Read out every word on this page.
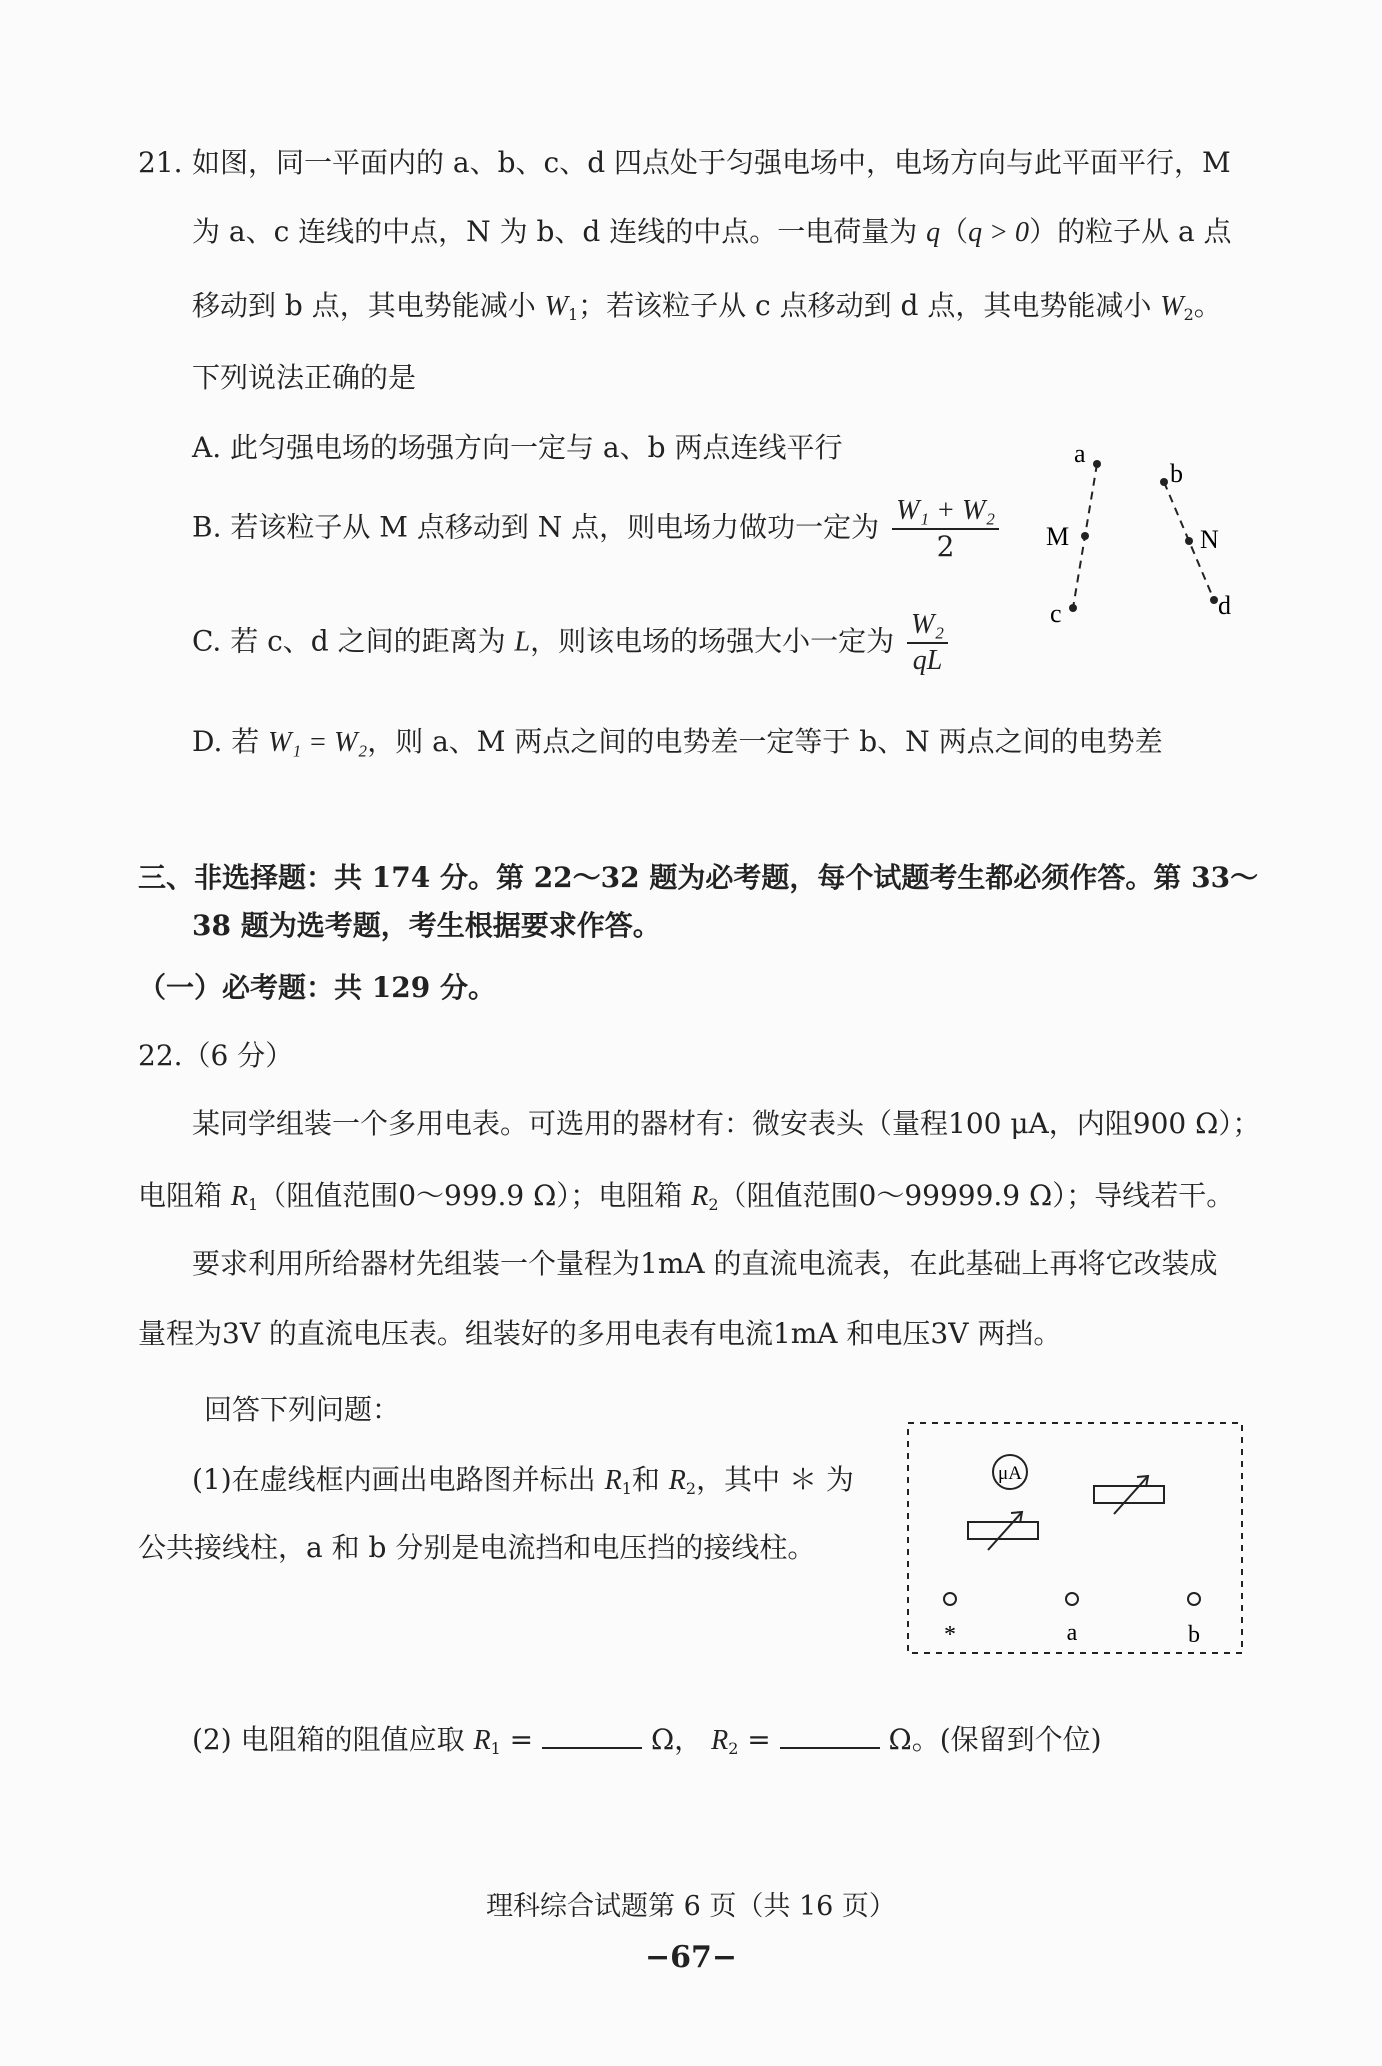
21. 如图，同一平面内的 a、b、c、d 四点处于匀强电场中，电场方向与此平面平行，M
为 a、c 连线的中点，N 为 b、d 连线的中点。一电荷量为 q（q > 0）的粒子从 a 点
移动到 b 点，其电势能减小 $W_1$；若该粒子从 c 点移动到 d 点，其电势能减小 $W_2$。
下列说法正确的是
A. 此匀强电场的场强方向一定与 a、b 两点连线平行
B. 若该粒子从 M 点移动到 N 点，则电场力做功一定为 $\frac{\text{W₁ + W₂}}{2}$
C. 若 c、d 之间的距离为 L，则该电场的场强大小一定为 $\frac{\text{W₂}}{qL}$
D. 若 W₁ = W₂，则 a、M 两点之间的电势差一定等于 b、N 两点之间的电势差
a
b
M	N
c	d
三、非选择题：共 174 分。第 22～32 题为必考题，每个试题考生都必须作答。第 33～
38 题为选考题，考生根据要求作答。
（一）必考题：共 129 分。
22.（6 分）
某同学组装一个多用电表。可选用的器材有：微安表头（量程100 μA，内阻900 Ω）；
电阻箱 $R_1$（阻值范围0～999.9 Ω）；电阻箱 $R_2$（阻值范围0～99999.9 Ω）；导线若干。
要求利用所给器材先组装一个量程为1mA 的直流电流表，在此基础上再将它改装成
量程为3V 的直流电压表。组装好的多用电表有电流1mA 和电压3V 两挡。
回答下列问题：
(1)在虚线框内画出电路图并标出 $R_1$和 $R_2$，其中 ＊ 为
公共接线柱，a 和 b 分别是电流挡和电压挡的接线柱。
μA
*	a	b
(2) 电阻箱的阻值应取 $R_1$ =	Ω， $R_2$ =	Ω。(保留到个位)
理科综合试题第 6 页（共 16 页）
−67−
